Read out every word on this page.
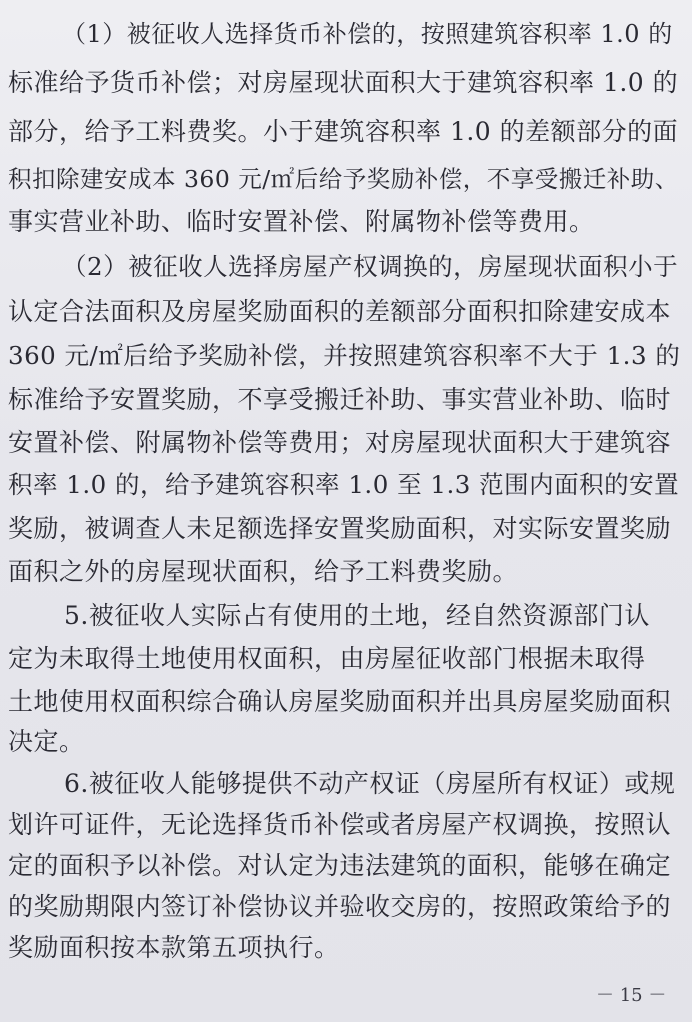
（1）被征收人选择货币补偿的，按照建筑容积率 1.0 的
标准给予货币补偿；对房屋现状面积大于建筑容积率 1.0 的
部分，给予工料费奖。小于建筑容积率 1.0 的差额部分的面
积扣除建安成本 360 元/㎡后给予奖励补偿，不享受搬迁补助、
事实营业补助、临时安置补偿、附属物补偿等费用。
（2）被征收人选择房屋产权调换的，房屋现状面积小于
认定合法面积及房屋奖励面积的差额部分面积扣除建安成本
360 元/㎡后给予奖励补偿，并按照建筑容积率不大于 1.3 的
标准给予安置奖励，不享受搬迁补助、事实营业补助、临时
安置补偿、附属物补偿等费用；对房屋现状面积大于建筑容
积率 1.0 的，给予建筑容积率 1.0 至 1.3 范围内面积的安置
奖励，被调查人未足额选择安置奖励面积，对实际安置奖励
面积之外的房屋现状面积，给予工料费奖励。
5.被征收人实际占有使用的土地，经自然资源部门认
定为未取得土地使用权面积，由房屋征收部门根据未取得
土地使用权面积综合确认房屋奖励面积并出具房屋奖励面积
决定。
6.被征收人能够提供不动产权证（房屋所有权证）或规
划许可证件，无论选择货币补偿或者房屋产权调换，按照认
定的面积予以补偿。对认定为违法建筑的面积，能够在确定
的奖励期限内签订补偿协议并验收交房的，按照政策给予的
奖励面积按本款第五项执行。
－ 15 －
